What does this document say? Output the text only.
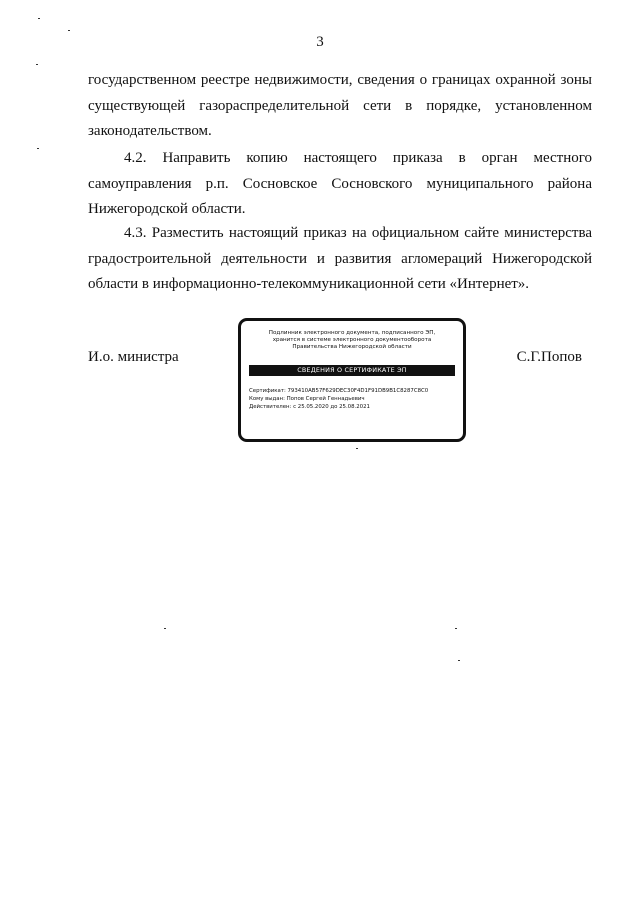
3
государственном реестре недвижимости, сведения о границах охранной зоны
существующей газораспределительной сети в порядке, установленном
законодательством.
4.2. Направить копию настоящего приказа в орган местного
самоуправления р.п. Сосновское Сосновского муниципального района
Нижегородской области.
4.3. Разместить настоящий приказ на официальном сайте министерства
градостроительной деятельности и развития агломераций Нижегородской
области в информационно-телекоммуникационной сети «Интернет».
И.о. министра	С.Г.Попов
Подлинник электронного документа, подписанного ЭП,
хранится в системе электронного документооборота
Правительства Нижегородской области
СВЕДЕНИЯ О СЕРТИФИКАТЕ ЭП
Сертификат: 793410AB57F629DEC30F4D1F91DB9B1C8287C8C0
Кому выдан: Попов Сергей Геннадьевич
Действителен: с 25.05.2020 до 25.08.2021
